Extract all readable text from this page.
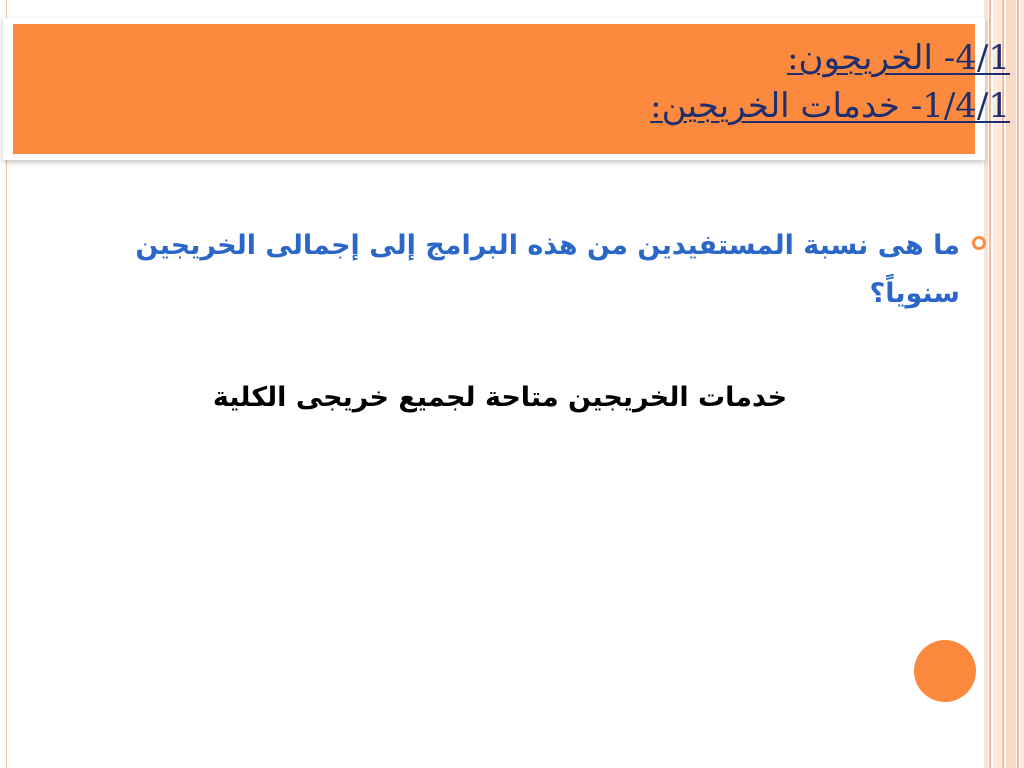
4/1- الخريجون:
1/4/1- خدمات الخريجين:
ما هى نسبة المستفيدين من هذه البرامج إلى إجمالى الخريجين سنوياً؟
خدمات الخريجين متاحة لجميع خريجى الكلية
